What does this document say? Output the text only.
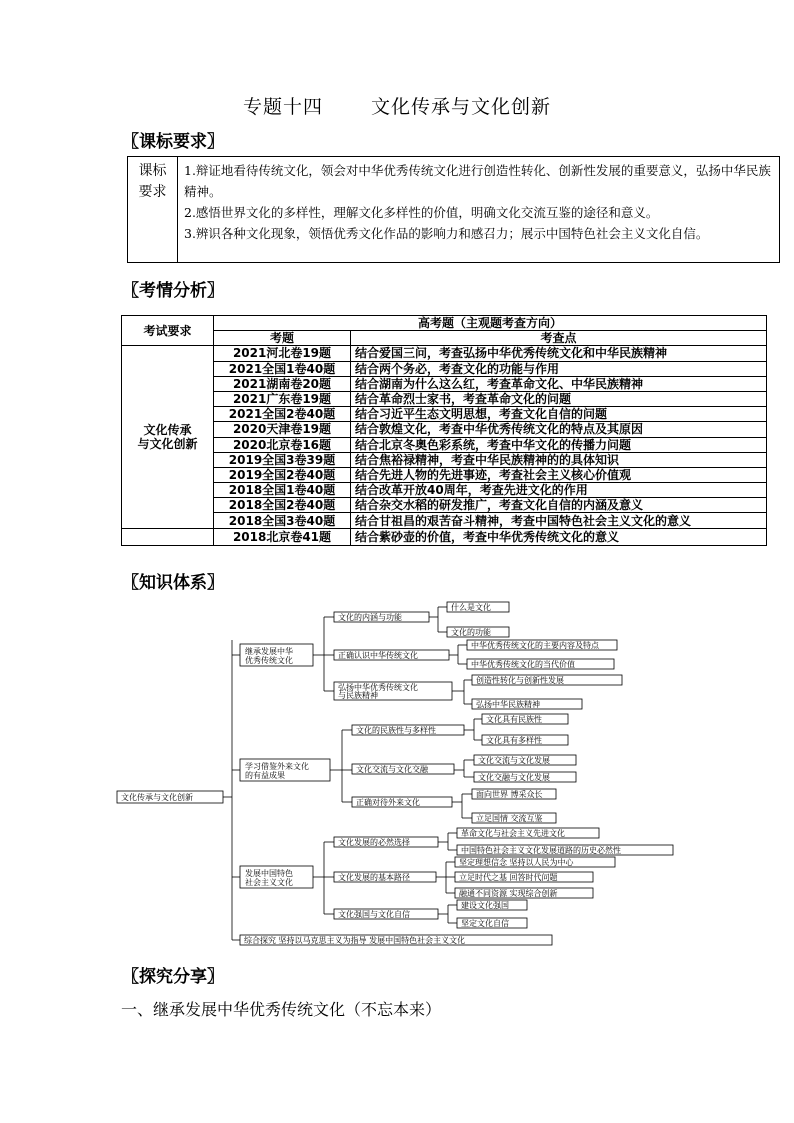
专题十四	文化传承与文化创新
〖课标要求〗
课标
要求
1.辩证地看待传统文化，领会对中华优秀传统文化进行创造性转化、创新性发展的重要意义，弘扬中华民族精神。
2.感悟世界文化的多样性，理解文化多样性的价值，明确文化交流互鉴的途径和意义。
3.辨识各种文化现象，领悟优秀文化作品的影响力和感召力；展示中国特色社会主义文化自信。
〖考情分析〗
考试要求	高考题（主观题考查方向）	
	考题	考查点

文化传承
与文化创新	2021河北卷19题	结合爱国三问，考查弘扬中华优秀传统文化和中华民族精神
	2021全国1卷40题	结合两个务必，考查文化的功能与作用
	2021湖南卷20题	结合湖南为什么这么红，考查革命文化、中华民族精神
	2021广东卷19题	结合革命烈士家书，考查革命文化的问题
	2021全国2卷40题	结合习近平生态文明思想，考查文化自信的问题
	2020天津卷19题	结合敦煌文化，考查中华优秀传统文化的特点及其原因
	2020北京卷16题	结合北京冬奥色彩系统，考查中华文化的传播力问题
	2019全国3卷39题	结合焦裕禄精神，考查中华民族精神的的具体知识
	2019全国2卷40题	结合先进人物的先进事迹，考查社会主义核心价值观
	2018全国1卷40题	结合改革开放40周年，考查先进文化的作用
	2018全国2卷40题	结合杂交水稻的研发推广，考查文化自信的内涵及意义
	2018全国3卷40题	结合甘祖昌的艰苦奋斗精神，考查中国特色社会主义文化的意义
	2018北京卷41题	结合紫砂壶的价值，考查中华优秀传统文化的意义
〖知识体系〗
文化传承与文化创新
继承发展中华
优秀传统文化
文化的内涵与功能
什么是文化
文化的功能
正确认识中华传统文化
中华优秀传统文化的主要内容及特点
中华优秀传统文化的当代价值
弘扬中华优秀传统文化
与民族精神
创造性转化与创新性发展
弘扬中华民族精神
学习借鉴外来文化
的有益成果
文化的民族性与多样性
文化具有民族性
文化具有多样性
文化交流与文化交融
文化交流与文化发展
文化交融与文化发展
正确对待外来文化
面向世界 博采众长
立足国情 交流互鉴
发展中国特色
社会主义文化
文化发展的必然选择
革命文化与社会主义先进文化
中国特色社会主义文化发展道路的历史必然性
文化发展的基本路径
坚定理想信念 坚持以人民为中心
立足时代之基 回答时代问题
融通不同资源 实现综合创新
文化强国与文化自信
建设文化强国
坚定文化自信
综合探究 坚持以马克思主义为指导 发展中国特色社会主义文化
〖探究分享〗
一、继承发展中华优秀传统文化（不忘本来）
